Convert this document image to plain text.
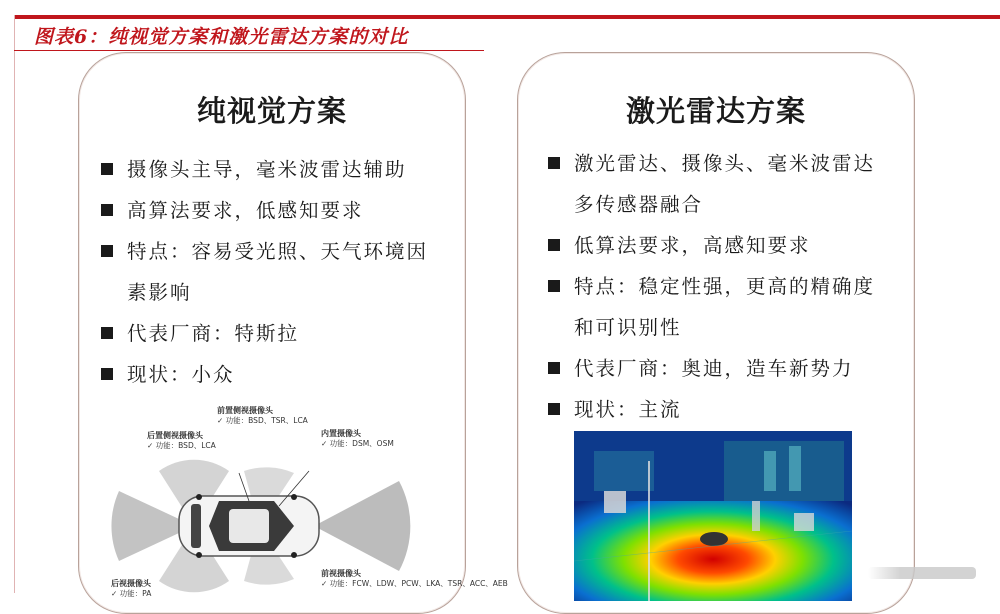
图表6：纯视觉方案和激光雷达方案的对比
纯视觉方案
摄像头主导，毫米波雷达辅助
高算法要求，低感知要求
特点：容易受光照、天气环境因
素影响
代表厂商：特斯拉
现状：小众
后置侧视摄像头
✓ 功能：BSD、LCA
前置侧视摄像头
✓ 功能：BSD、TSR、LCA
内置摄像头
✓ 功能：DSM、OSM
后视摄像头
✓ 功能：PA
前视摄像头
✓ 功能：FCW、LDW、PCW、LKA、TSR、ACC、AEB
激光雷达方案
激光雷达、摄像头、毫米波雷达
多传感器融合
低算法要求，高感知要求
特点：稳定性强，更高的精确度
和可识别性
代表厂商：奥迪，造车新势力
现状：主流
